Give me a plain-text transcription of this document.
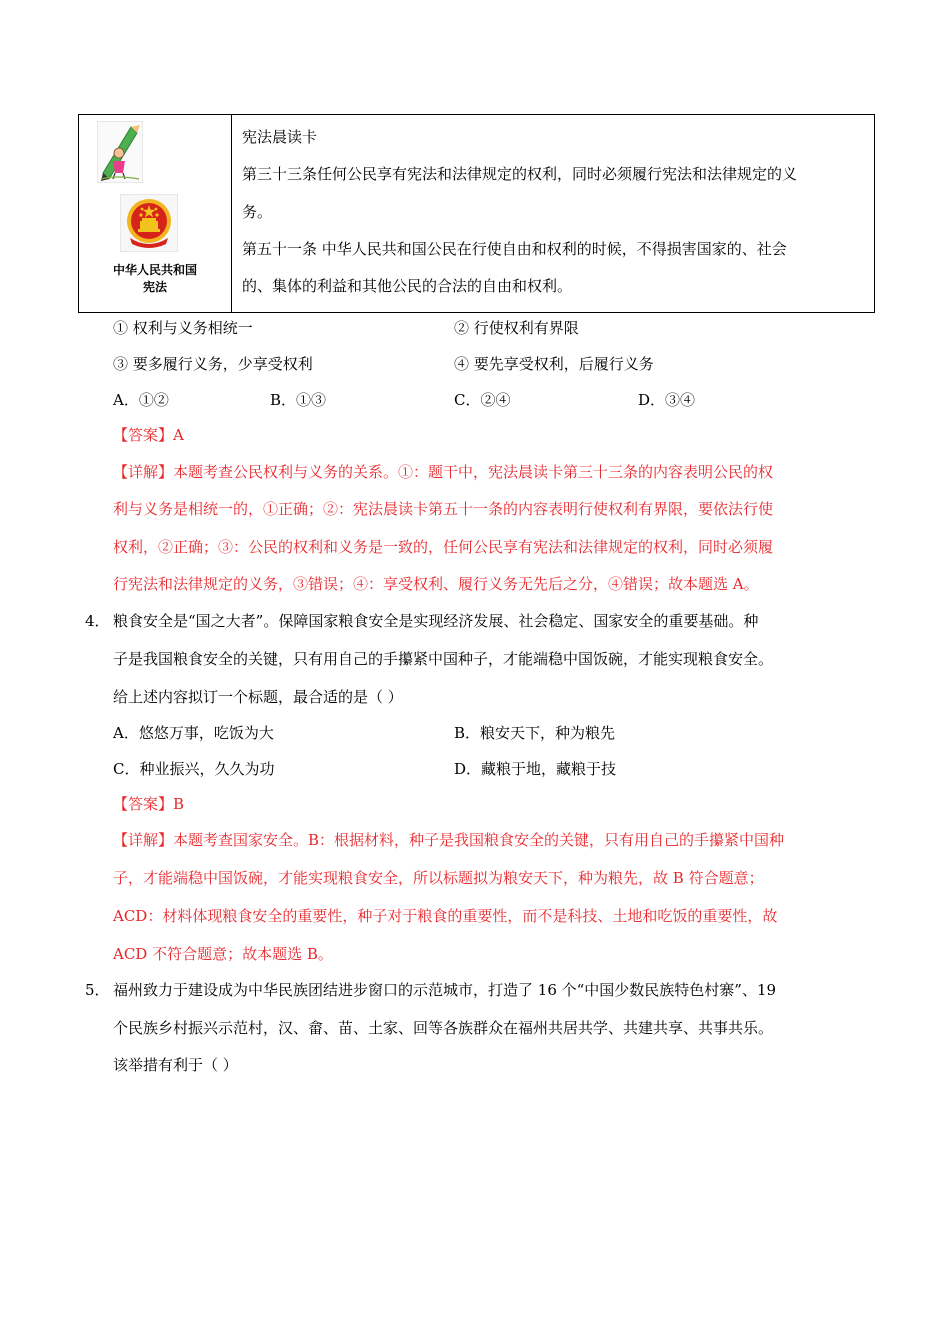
中华人民共和国
宪法
宪法晨读卡
第三十三条任何公民享有宪法和法律规定的权利，同时必须履行宪法和法律规定的义
务。
第五十一条 中华人民共和国公民在行使自由和权利的时候，不得损害国家的、社会
的、集体的利益和其他公民的合法的自由和权利。
① 权利与义务相统一	② 行使权利有界限
③ 要多履行义务，少享受权利	④ 要先享受权利，后履行义务
A．①②	B．①③	C．②④	D．③④
【答案】A
【详解】本题考查公民权利与义务的关系。①：题干中，宪法晨读卡第三十三条的内容表明公民的权
利与义务是相统一的，①正确；②：宪法晨读卡第五十一条的内容表明行使权利有界限，要依法行使
权利，②正确；③：公民的权利和义务是一致的，任何公民享有宪法和法律规定的权利，同时必须履
行宪法和法律规定的义务，③错误；④：享受权利、履行义务无先后之分，④错误；故本题选 A。
4． 粮食安全是“国之大者”。保障国家粮食安全是实现经济发展、社会稳定、国家安全的重要基础。种
子是我国粮食安全的关键，只有用自己的手攥紧中国种子，才能端稳中国饭碗，才能实现粮食安全。
给上述内容拟订一个标题，最合适的是（ ）
A．悠悠万事，吃饭为大	B．粮安天下，种为粮先
C．种业振兴，久久为功	D．藏粮于地，藏粮于技
【答案】B
【详解】本题考查国家安全。B：根据材料，种子是我国粮食安全的关键，只有用自己的手攥紧中国种
子，才能端稳中国饭碗，才能实现粮食安全，所以标题拟为粮安天下，种为粮先，故 B 符合题意；
ACD：材料体现粮食安全的重要性，种子对于粮食的重要性，而不是科技、土地和吃饭的重要性，故
ACD 不符合题意；故本题选 B。
5． 福州致力于建设成为中华民族团结进步窗口的示范城市，打造了 16 个“中国少数民族特色村寨”、19
个民族乡村振兴示范村，汉、畲、苗、土家、回等各族群众在福州共居共学、共建共享、共事共乐。
该举措有利于（ ）
